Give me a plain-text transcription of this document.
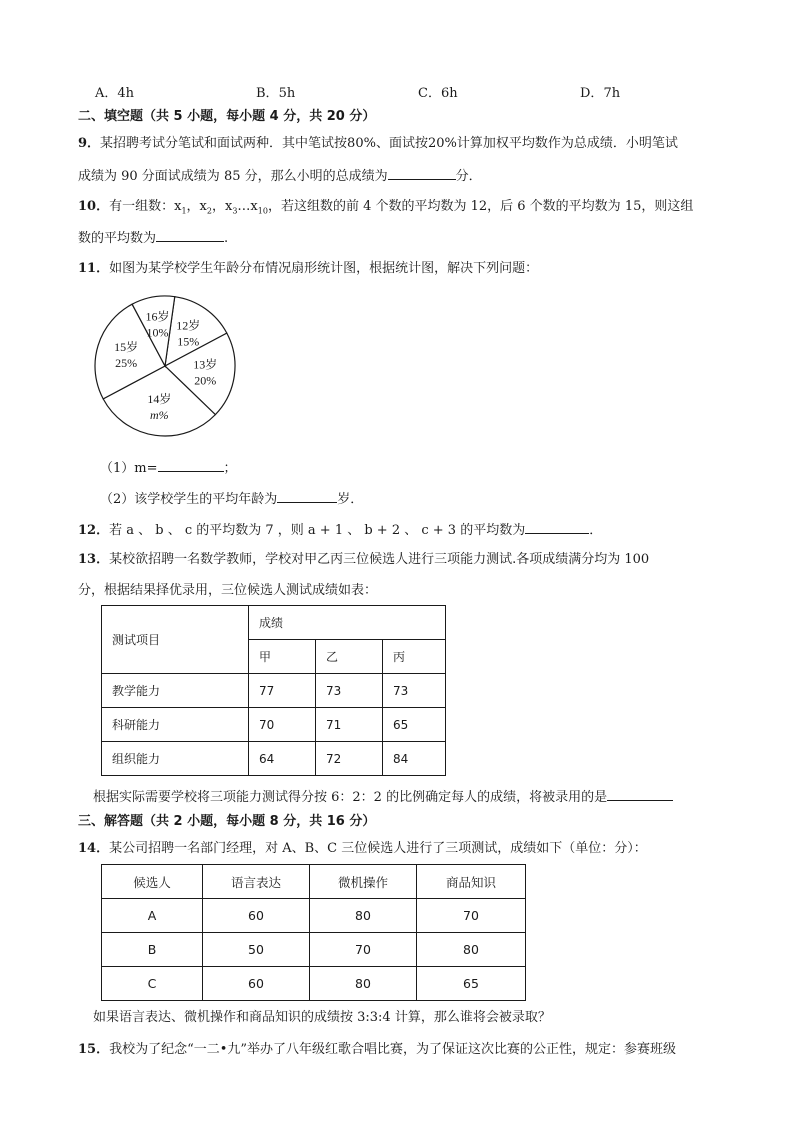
A．4h	B．5h	C．6h	D．7h
二、填空题（共 5 小题，每小题 4 分，共 20 分）
9．某招聘考试分笔试和面试两种．其中笔试按80%、面试按20%计算加权平均数作为总成绩．小明笔试
成绩为 90 分面试成绩为 85 分，那么小明的总成绩为	分．
10．有一组数：$x_1$，$x_2$，$x_3\dots x_{10}$，若这组数的前 4 个数的平均数为 12，后 6 个数的平均数为 15，则这组
数的平均数为	.
11．如图为某学校学生年龄分布情况扇形统计图，根据统计图，解决下列问题：
12岁
15%
13岁
20%
14岁
m%
15岁
25%
16岁
10%
（1）m=	；
（2）该学校学生的平均年龄为	岁．
12．若 a 、 b 、 c 的平均数为 7 ，则 a + 1 、 b + 2 、 c + 3 的平均数为	．
13．某校欲招聘一名数学教师，学校对甲乙丙三位候选人进行三项能力测试.各项成绩满分均为 100
分，根据结果择优录用，三位候选人测试成绩如表：
测试项目	成绩		
	甲	乙	丙
教学能力	77	73	73
科研能力	70	71	65
组织能力	64	72	84
根据实际需要学校将三项能力测试得分按 6：2：2 的比例确定每人的成绩，将被录用的是
三、解答题（共 2 小题，每小题 8 分，共 16 分）
14．某公司招聘一名部门经理，对 A、B、C 三位候选人进行了三项测试，成绩如下（单位：分）：
候选人	语言表达	微机操作	商品知识
A	60	80	70
B	50	70	80
C	60	80	65
如果语言表达、微机操作和商品知识的成绩按 3:3:4 计算，那么谁将会被录取？
15．我校为了纪念“一二•九”举办了八年级红歌合唱比赛，为了保证这次比赛的公正性，规定：参赛班级
